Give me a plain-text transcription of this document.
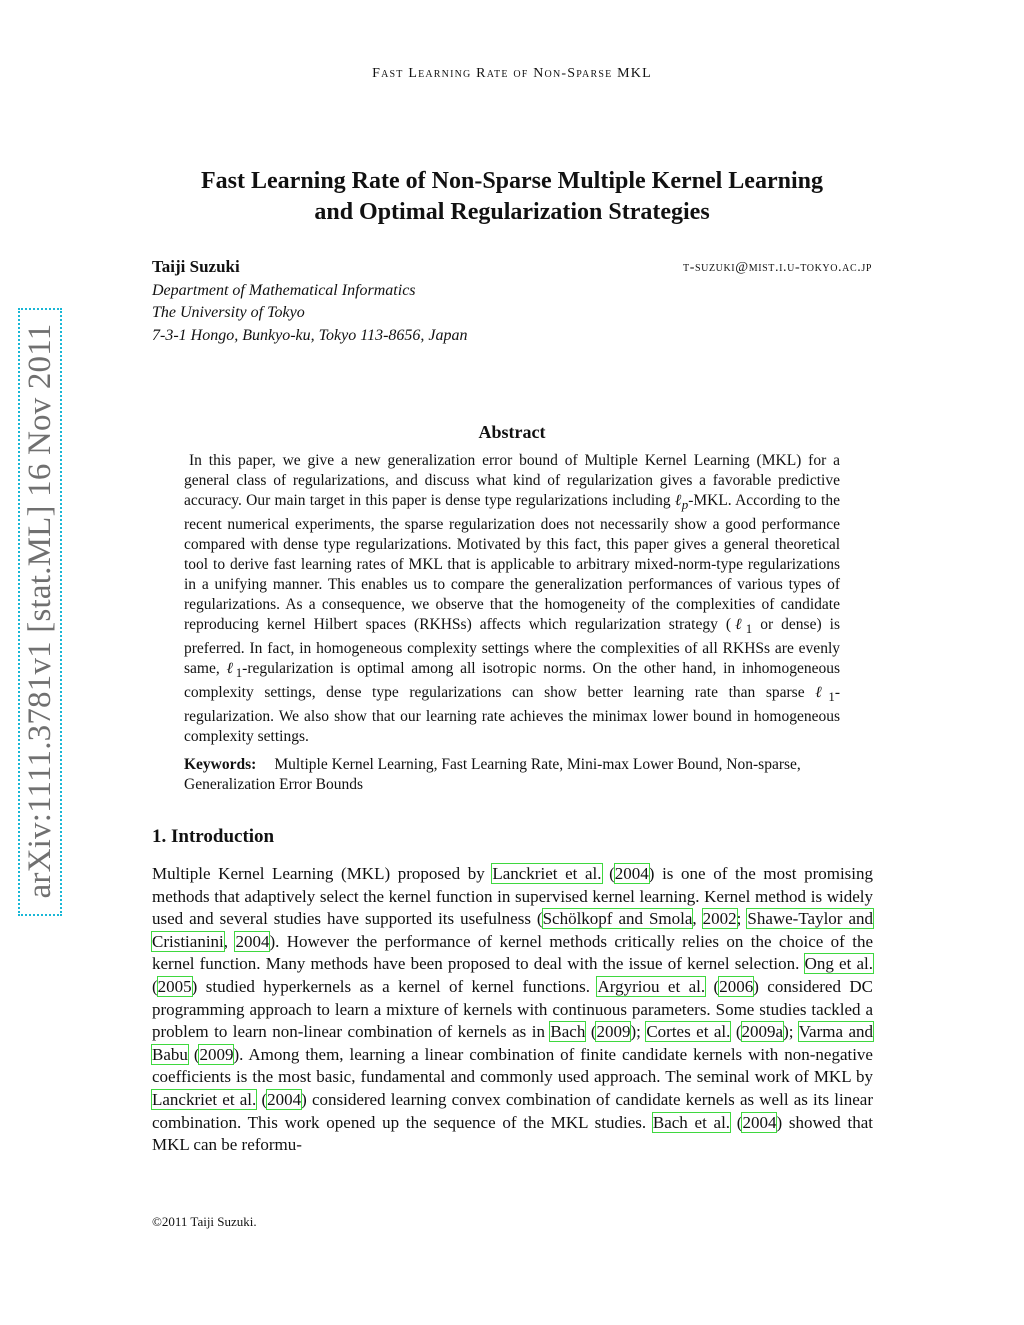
Fast Learning Rate of Non-Sparse MKL
arXiv:1111.3781v1 [stat.ML] 16 Nov 2011
Fast Learning Rate of Non-Sparse Multiple Kernel Learning
and Optimal Regularization Strategies
Taiji Suzuki	t-suzuki@mist.i.u-tokyo.ac.jp
Department of Mathematical Informatics
The University of Tokyo
7-3-1 Hongo, Bunkyo-ku, Tokyo 113-8656, Japan
Abstract
In this paper, we give a new generalization error bound of Multiple Kernel Learning (MKL) for a general class of regularizations, and discuss what kind of regularization gives a favorable predictive accuracy. Our main target in this paper is dense type regularizations including ℓ$_p$-MKL. According to the recent numerical experiments, the sparse regularization does not necessarily show a good performance compared with dense type regularizations. Motivated by this fact, this paper gives a general theoretical tool to derive fast learning rates of MKL that is applicable to arbitrary mixed-norm-type regularizations in a unifying manner. This enables us to compare the generalization performances of various types of regularizations. As a consequence, we observe that the homogeneity of the complexities of candidate reproducing kernel Hilbert spaces (RKHSs) affects which regularization strategy (ℓ$_1$ or dense) is preferred. In fact, in homogeneous complexity settings where the complexities of all RKHSs are evenly same, ℓ$_1$-regularization is optimal among all isotropic norms. On the other hand, in inhomogeneous complexity settings, dense type regularizations can show better learning rate than sparse ℓ$_1$-regularization. We also show that our learning rate achieves the minimax lower bound in homogeneous complexity settings.
Keywords: Multiple Kernel Learning, Fast Learning Rate, Mini-max Lower Bound, Non-sparse, Generalization Error Bounds
1. Introduction
Multiple Kernel Learning (MKL) proposed by Lanckriet et al. (2004) is one of the most promising methods that adaptively select the kernel function in supervised kernel learning. Kernel method is widely used and several studies have supported its usefulness (Schölkopf and Smola, 2002; Shawe-Taylor and Cristianini, 2004). However the performance of kernel methods critically relies on the choice of the kernel function. Many methods have been proposed to deal with the issue of kernel selection. Ong et al. (2005) studied hyperkernels as a kernel of kernel functions. Argyriou et al. (2006) considered DC programming approach to learn a mixture of kernels with continuous parameters. Some studies tackled a problem to learn non-linear combination of kernels as in Bach (2009); Cortes et al. (2009a); Varma and Babu (2009). Among them, learning a linear combination of finite candidate kernels with non-negative coefficients is the most basic, fundamental and commonly used approach. The seminal work of MKL by Lanckriet et al. (2004) considered learning convex combination of candidate kernels as well as its linear combination. This work opened up the sequence of the MKL studies. Bach et al. (2004) showed that MKL can be reformu-
©2011 Taiji Suzuki.
